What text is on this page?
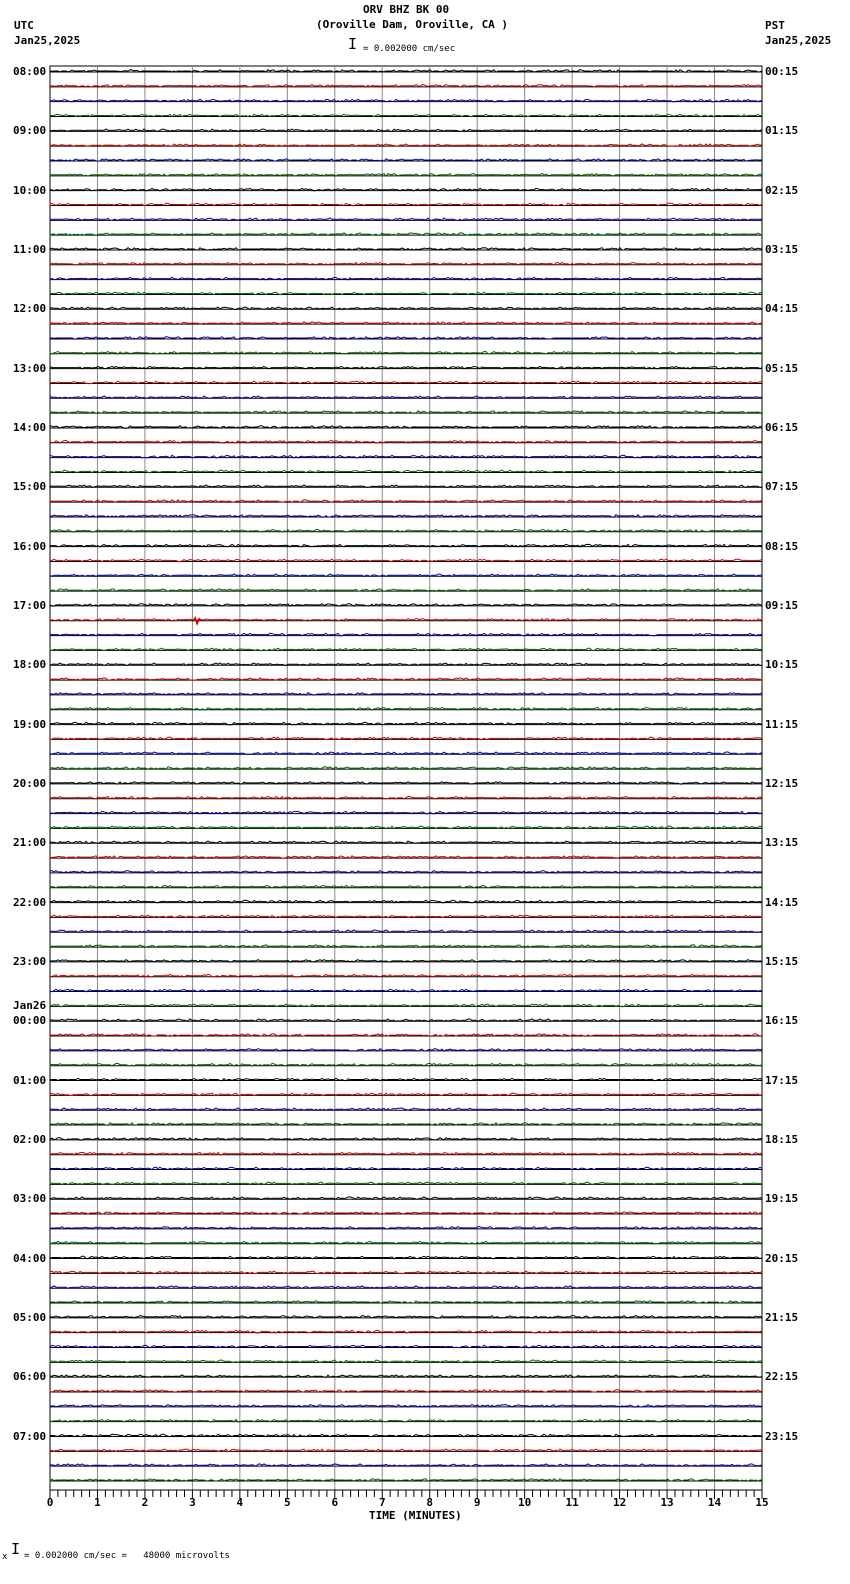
ORV BHZ BK 00
(Oroville Dam, Oroville, CA )
I = 0.002000 cm/sec
UTC
Jan25,2025
PST
Jan25,2025
0	1	2	3	4	5	6	7	8	9	10	11	12	13	14	15
08:00	00:15
09:00	01:15
10:00	02:15
11:00	03:15
12:00	04:15
13:00	05:15
14:00	06:15
15:00	07:15
16:00	08:15
17:00	09:15
18:00	10:15
19:00	11:15
20:00	12:15
21:00	13:15
22:00	14:15
23:00	15:15
00:00	16:15
01:00	17:15
02:00	18:15
03:00	19:15
04:00	20:15
05:00	21:15
06:00	22:15
07:00	23:15
Jan26
TIME (MINUTES)
x I = 0.002000 cm/sec =   48000 microvolts
